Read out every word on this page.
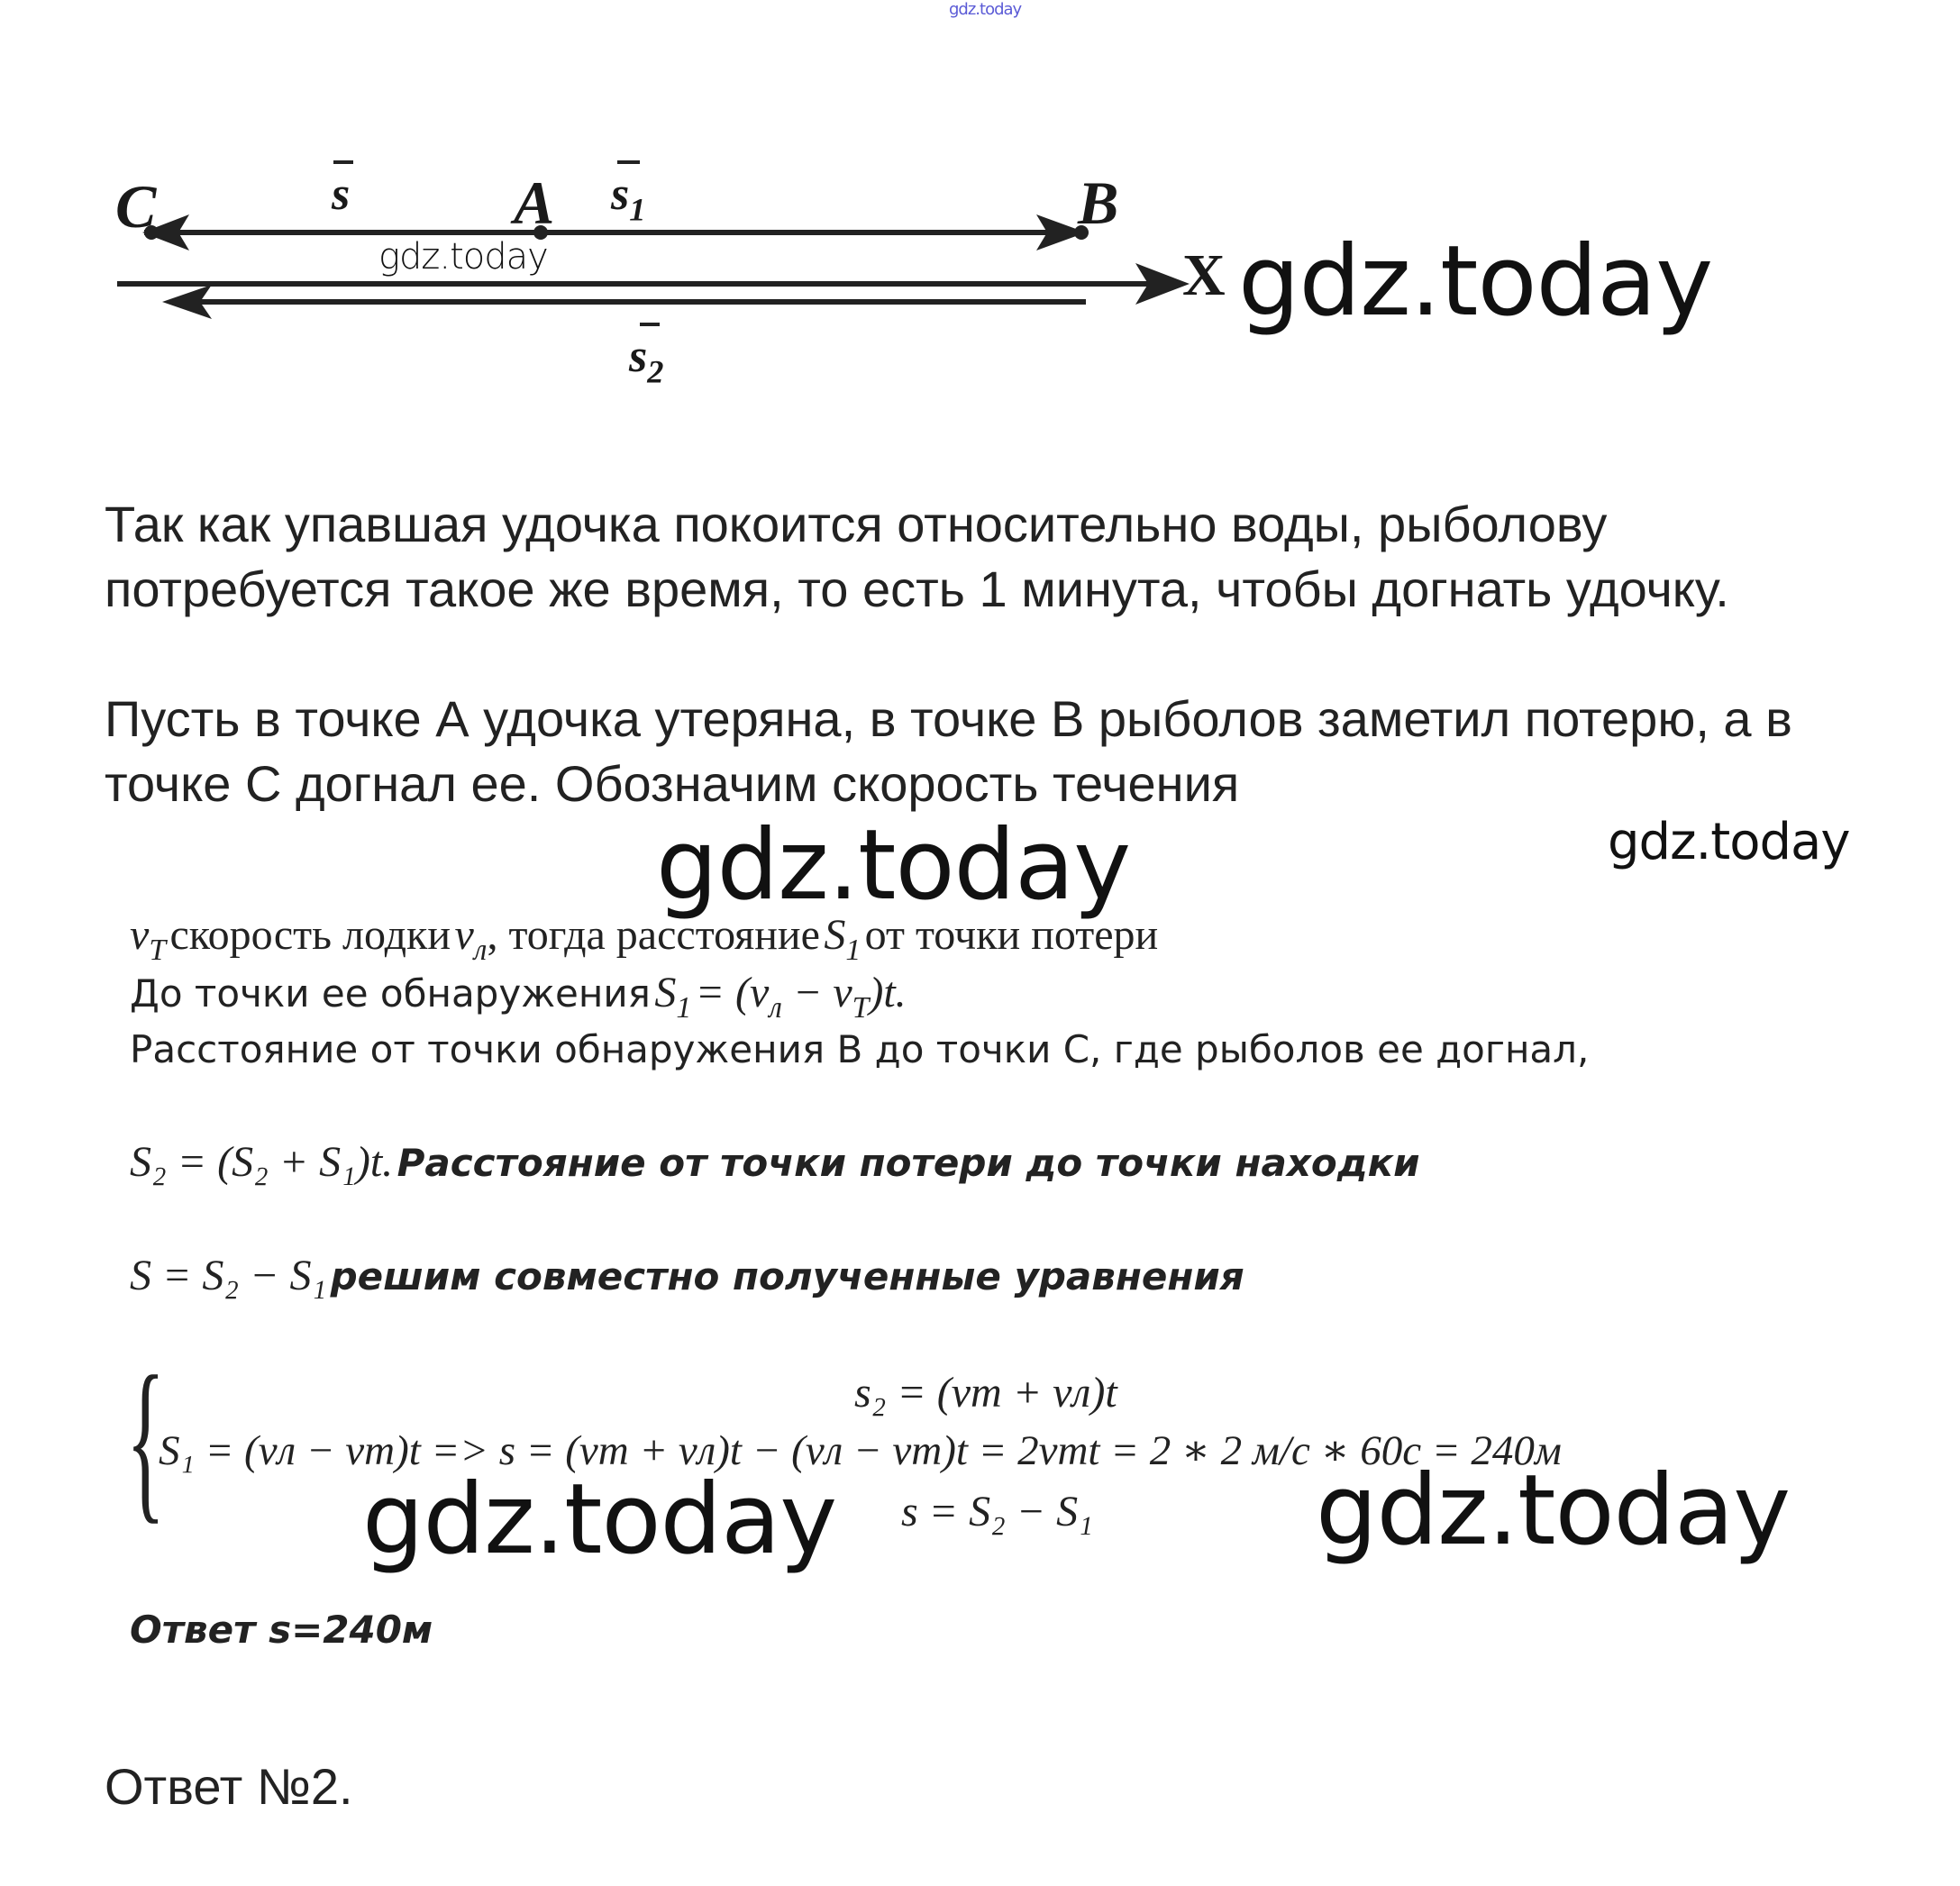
gdz.today
C	s	A $s_1$	B
X
$s_2$
gdz.today	gdz.today
Так как упавшая удочка покоится относительно воды, рыболову потребуется такое же время, то есть 1 минута, чтобы догнать удочку.
Пусть в точке А удочка утеряна, в точке В рыболов заметил потерю, а в точке С догнал ее. Обозначим скорость течения
gdz.today	gdz.today
$v_T$ скорость лодки $v_л$, тогда расстояние $S_1$ от точки потери
До точки ее обнаружения $S_1 = (v_л - v_T)t$.
Расстояние от точки обнаружения В до точки С, где рыболов ее догнал,
S₂ = (S₂ + S₁)t. Расстояние от точки потери до точки находки
S = S₂ − S₁ решим совместно полученные уравнения
{	s₂ = (vт + vл)t
S₁ = (vл − vт)t => s = (vт + vл)t − (vл − vт)t = 2vтt = 2 ∗ 2 м/с ∗ 60с = 240м
s = S₂ − S₁
gdz.today	gdz.today
Ответ s=240м
Ответ №2.
